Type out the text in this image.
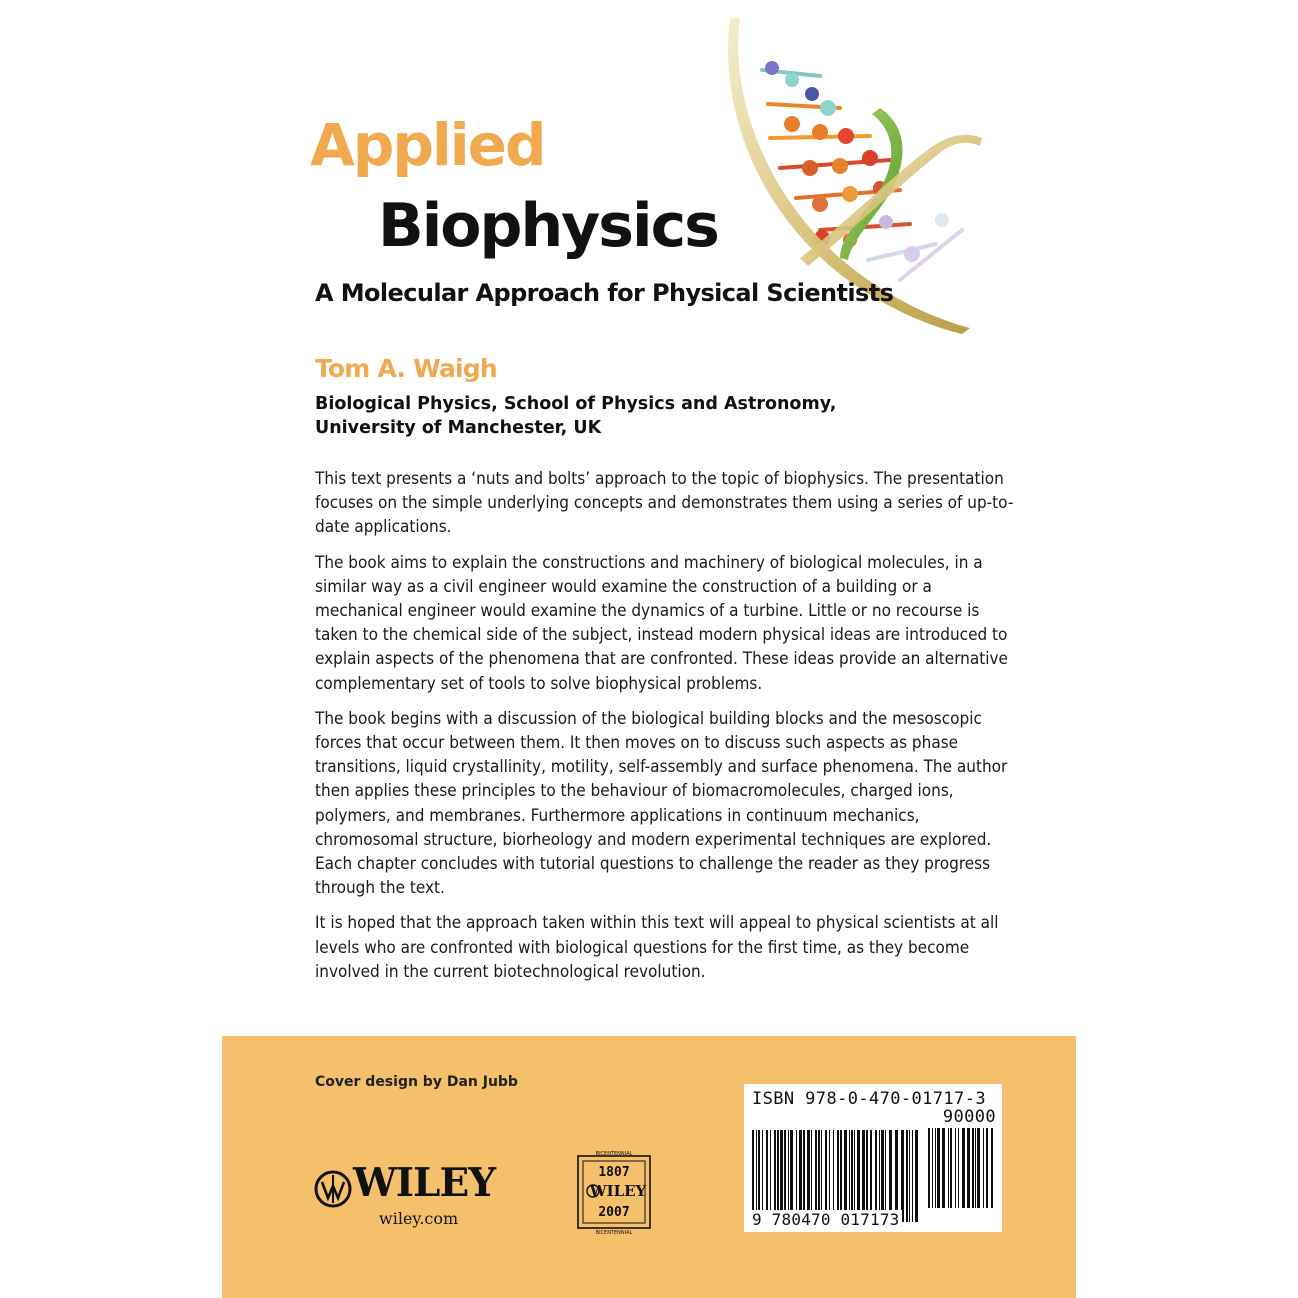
Applied
Biophysics
A Molecular Approach for Physical Scientists
Tom A. Waigh
Biological Physics, School of Physics and Astronomy,
University of Manchester, UK

This text presents a ‘nuts and bolts’ approach to the topic of biophysics. The presentation focuses on the simple underlying concepts and demonstrates them using a series of up-to-date applications.

The book aims to explain the constructions and machinery of biological molecules, in a similar way as a civil engineer would examine the construction of a building or a mechanical engineer would examine the dynamics of a turbine. Little or no recourse is taken to the chemical side of the subject, instead modern physical ideas are introduced to explain aspects of the phenomena that are confronted. These ideas provide an alternative complementary set of tools to solve biophysical problems.

The book begins with a discussion of the biological building blocks and the mesoscopic forces that occur between them. It then moves on to discuss such aspects as phase transitions, liquid crystallinity, motility, self-assembly and surface phenomena. The author then applies these principles to the behaviour of biomacromolecules, charged ions, polymers, and membranes. Furthermore applications in continuum mechanics, chromosomal structure, biorheology and modern experimental techniques are explored. Each chapter concludes with tutorial questions to challenge the reader as they progress through the text.

It is hoped that the approach taken within this text will appeal to physical scientists at all levels who are confronted with biological questions for the first time, as they become involved in the current biotechnological revolution.

Cover design by Dan Jubb
WILEY
wiley.com
1807
WILEY
2007
BICENTENNIAL
BICENTENNIAL
ISBN 978-0-470-01717-3
90000
9 780470 017173
